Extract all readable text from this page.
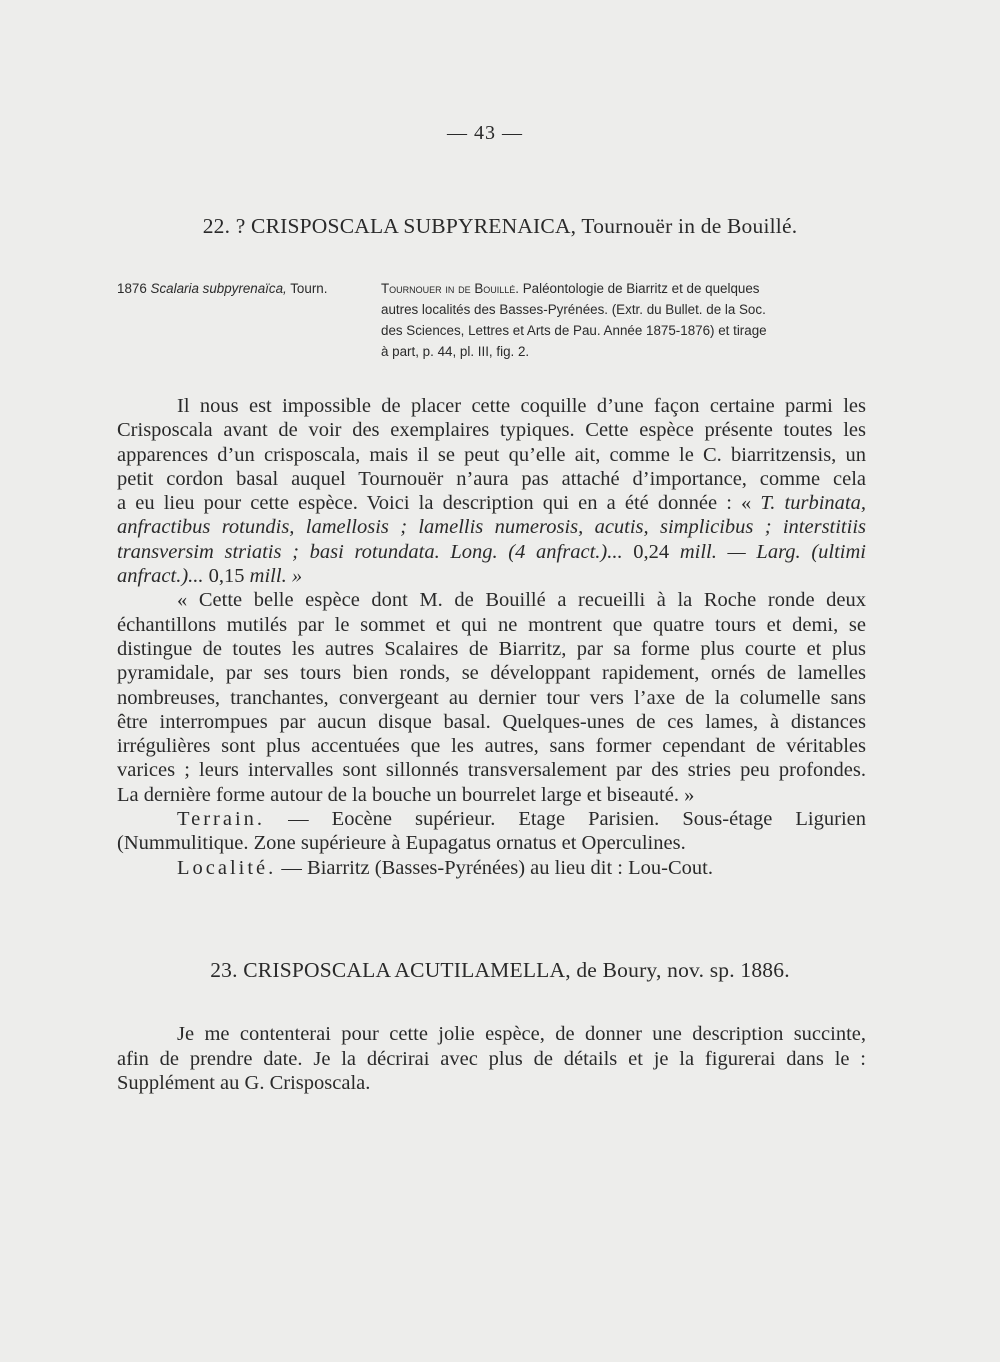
— 43 —
22. ? CRISPOSCALA SUBPYRENAICA, Tournouër in de Bouillé.
1876 Scalaria subpyrenaïca, Tourn.	Tournouer in de Bouillé. Paléontologie de Biarritz et de quelques
autres localités des Basses-Pyrénées. (Extr. du Bullet. de la Soc.
des Sciences, Lettres et Arts de Pau. Année 1875-1876) et tirage
à part, p. 44, pl. III, fig. 2.
Il nous est impossible de placer cette coquille d’une façon certaine parmi les
Crisposcala avant de voir des exemplaires typiques. Cette espèce présente toutes les
apparences d’un crisposcala, mais il se peut qu’elle ait, comme le C. biarritzensis, un
petit cordon basal auquel Tournouër n’aura pas attaché d’importance, comme cela
a eu lieu pour cette espèce. Voici la description qui en a été donnée : « T. turbinata,
anfractibus rotundis, lamellosis ; lamellis numerosis, acutis, simplicibus ; interstitiis
transversim striatis ; basi rotundata. Long. (4 anfract.)... 0,24 mill. — Larg. (ultimi
anfract.)... 0,15 mill. »
« Cette belle espèce dont M. de Bouillé a recueilli à la Roche ronde deux
échantillons mutilés par le sommet et qui ne montrent que quatre tours et demi, se
distingue de toutes les autres Scalaires de Biarritz, par sa forme plus courte et plus
pyramidale, par ses tours bien ronds, se développant rapidement, ornés de lamelles
nombreuses, tranchantes, convergeant au dernier tour vers l’axe de la columelle sans
être interrompues par aucun disque basal. Quelques-unes de ces lames, à distances
irrégulières sont plus accentuées que les autres, sans former cependant de véritables
varices ; leurs intervalles sont sillonnés transversalement par des stries peu profondes.
La dernière forme autour de la bouche un bourrelet large et biseauté. »
Terrain. — Eocène supérieur. Etage Parisien. Sous-étage Ligurien
(Nummulitique. Zone supérieure à Eupagatus ornatus et Operculines.
Localité. — Biarritz (Basses-Pyrénées) au lieu dit : Lou-Cout.
23. CRISPOSCALA ACUTILAMELLA, de Boury, nov. sp. 1886.
Je me contenterai pour cette jolie espèce, de donner une description succinte,
afin de prendre date. Je la décrirai avec plus de détails et je la figurerai dans le :
Supplément au G. Crisposcala.
